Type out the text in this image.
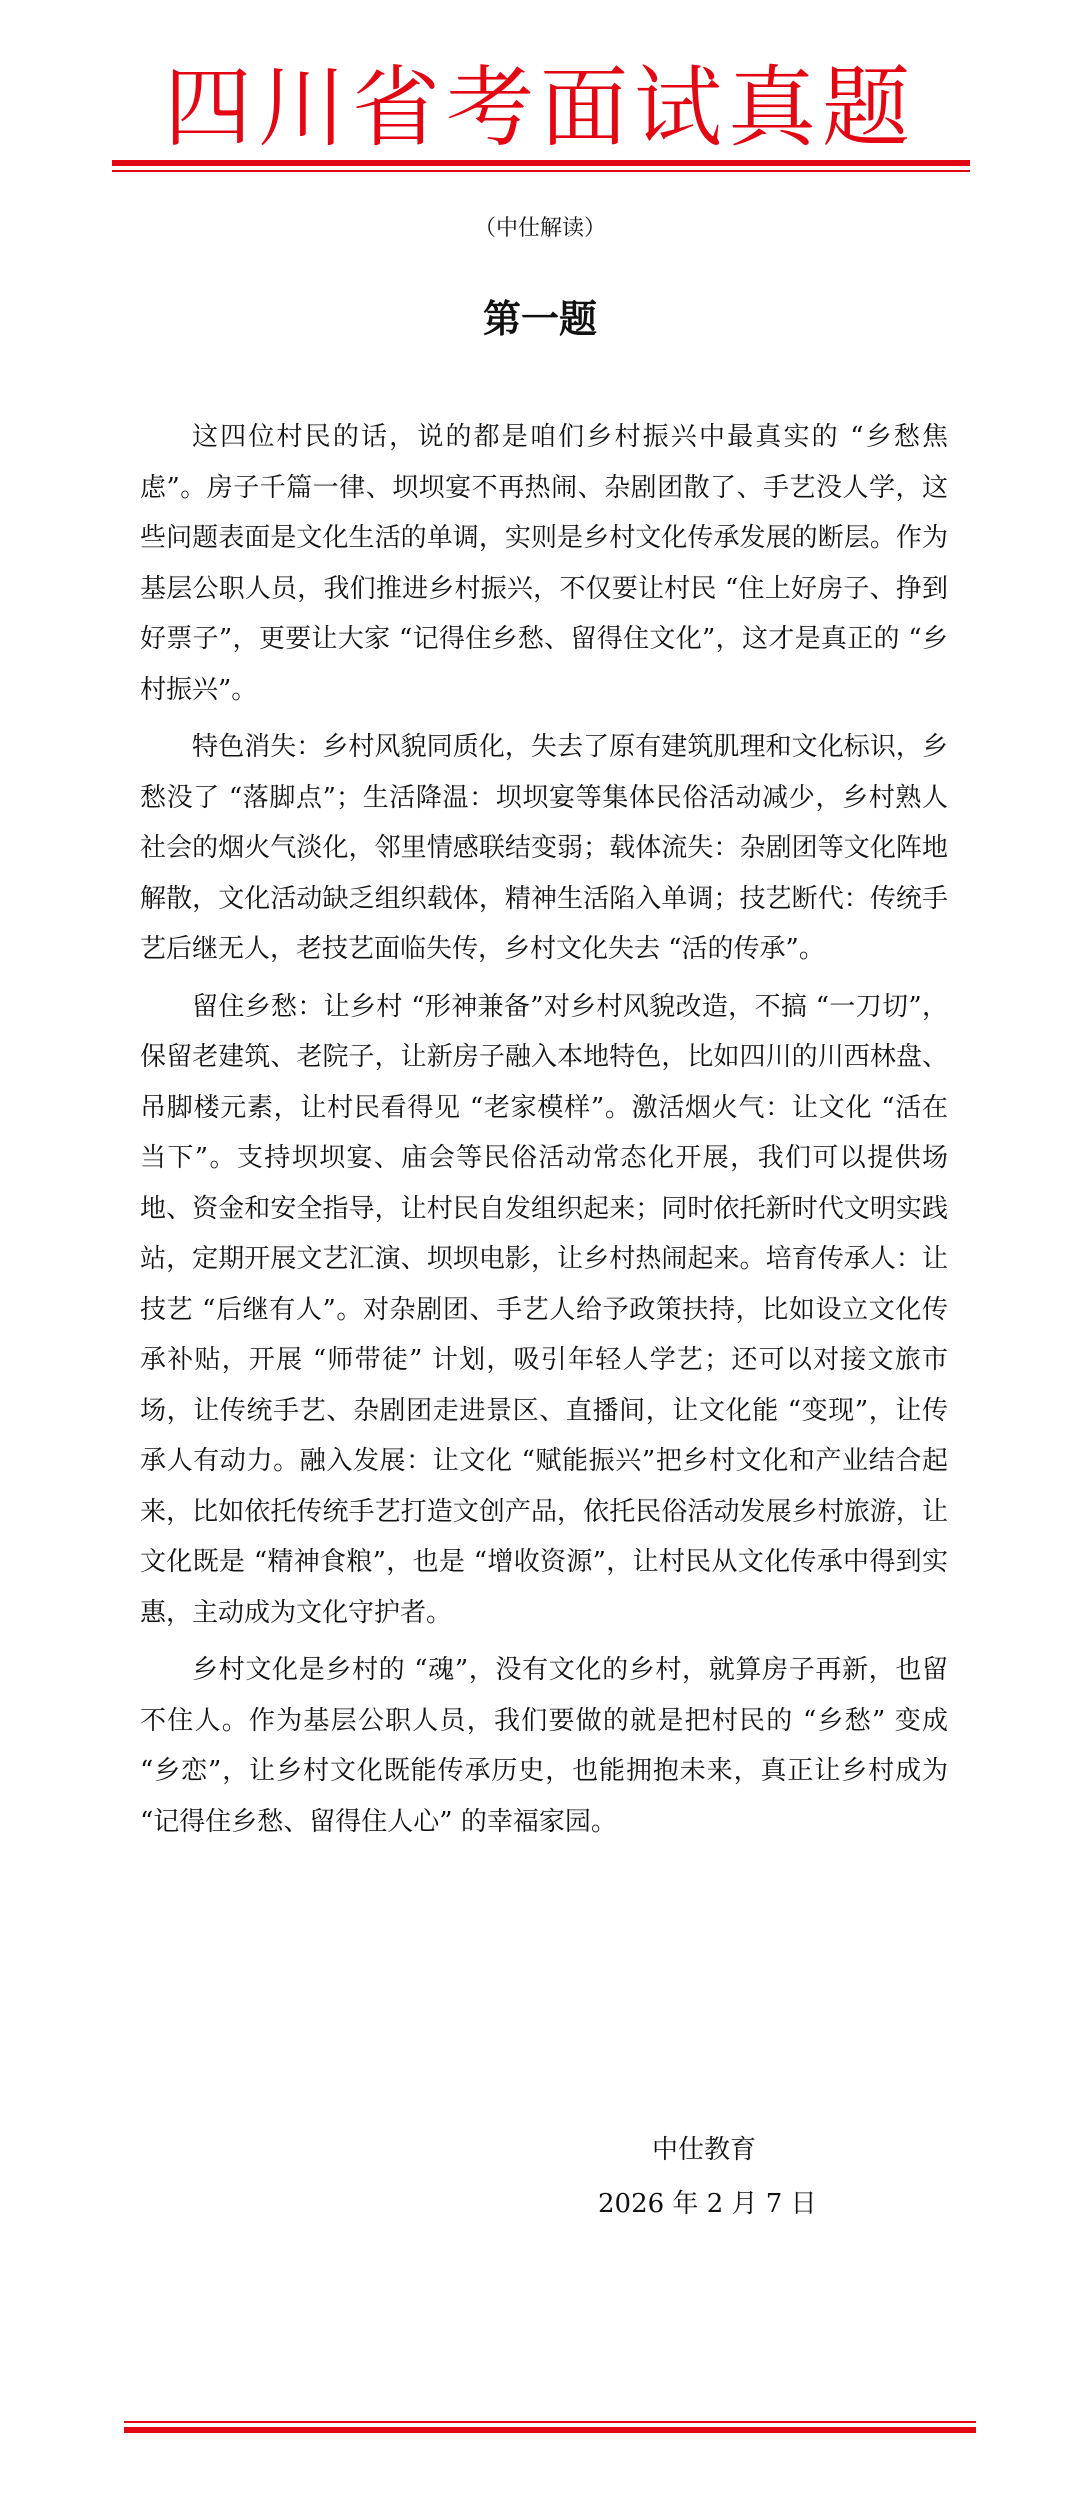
四川省考面试真题
（中仕解读）
第一题

这四位村民的话，说的都是咱们乡村振兴中最真实的 “乡愁焦虑”。房子千篇一律、坝坝宴不再热闹、杂剧团散了、手艺没人学，这些问题表面是文化生活的单调，实则是乡村文化传承发展的断层。作为基层公职人员，我们推进乡村振兴，不仅要让村民 “住上好房子、挣到好票子”，更要让大家 “记得住乡愁、留得住文化”，这才是真正的 “乡村振兴”。

特色消失：乡村风貌同质化，失去了原有建筑肌理和文化标识，乡愁没了 “落脚点”；生活降温：坝坝宴等集体民俗活动减少，乡村熟人社会的烟火气淡化，邻里情感联结变弱；载体流失：杂剧团等文化阵地解散，文化活动缺乏组织载体，精神生活陷入单调；技艺断代：传统手艺后继无人，老技艺面临失传，乡村文化失去 “活的传承”。

留住乡愁：让乡村 “形神兼备”对乡村风貌改造，不搞 “一刀切”，保留老建筑、老院子，让新房子融入本地特色，比如四川的川西林盘、吊脚楼元素，让村民看得见 “老家模样”。激活烟火气：让文化 “活在当下”。支持坝坝宴、庙会等民俗活动常态化开展，我们可以提供场地、资金和安全指导，让村民自发组织起来；同时依托新时代文明实践站，定期开展文艺汇演、坝坝电影，让乡村热闹起来。培育传承人：让技艺 “后继有人”。对杂剧团、手艺人给予政策扶持，比如设立文化传承补贴，开展 “师带徒” 计划，吸引年轻人学艺；还可以对接文旅市场，让传统手艺、杂剧团走进景区、直播间，让文化能 “变现”，让传承人有动力。融入发展：让文化 “赋能振兴”把乡村文化和产业结合起来，比如依托传统手艺打造文创产品，依托民俗活动发展乡村旅游，让文化既是 “精神食粮”，也是 “增收资源”，让村民从文化传承中得到实惠，主动成为文化守护者。

乡村文化是乡村的 “魂”，没有文化的乡村，就算房子再新，也留不住人。作为基层公职人员，我们要做的就是把村民的 “乡愁” 变成 “乡恋”，让乡村文化既能传承历史，也能拥抱未来，真正让乡村成为 “记得住乡愁、留得住人心” 的幸福家园。

中仕教育
2026 年 2 月 7 日
